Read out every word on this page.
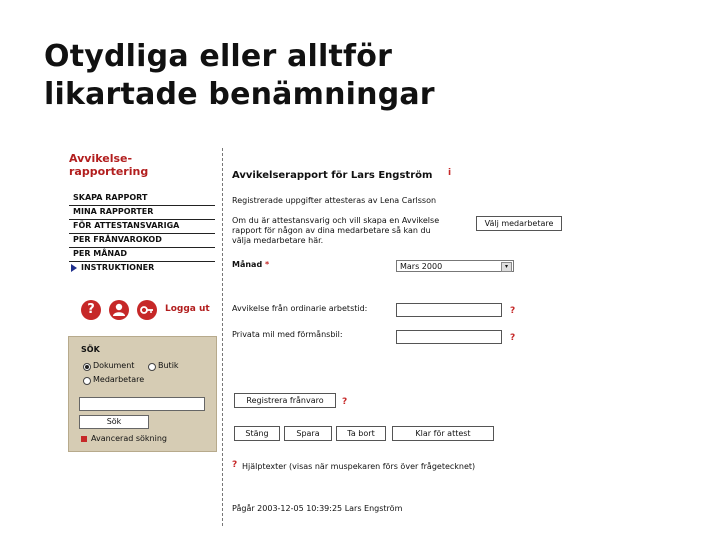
Otydliga eller alltför
likartade benämningar
Avvikelse-
rapportering
SKAPA RAPPORT
MINA RAPPORTER
FÖR ATTESTANSVARIGA
PER FRÅNVAROKOD
PER MÅNAD
INSTRUKTIONER
?	Logga ut
SÖK
Dokument	Butik
Medarbetare
Sök
Avancerad sökning
Avvikelserapport för Lars Engström i
Registrerade uppgifter attesteras av Lena Carlsson
Om du är attestansvarig och vill skapa en Avvikelse
rapport för någon av dina medarbetare så kan du
välja medarbetare här.
Välj medarbetare
Månad *	Mars 2000	▾
Avvikelse från ordinarie arbetstid:	?
Privata mil med förmånsbil:	?
Registrera frånvaro	?
Stäng	Spara	Ta bort	Klar för attest
? Hjälptexter (visas när muspekaren förs över frågetecknet)
Pågår 2003-12-05 10:39:25 Lars Engström
